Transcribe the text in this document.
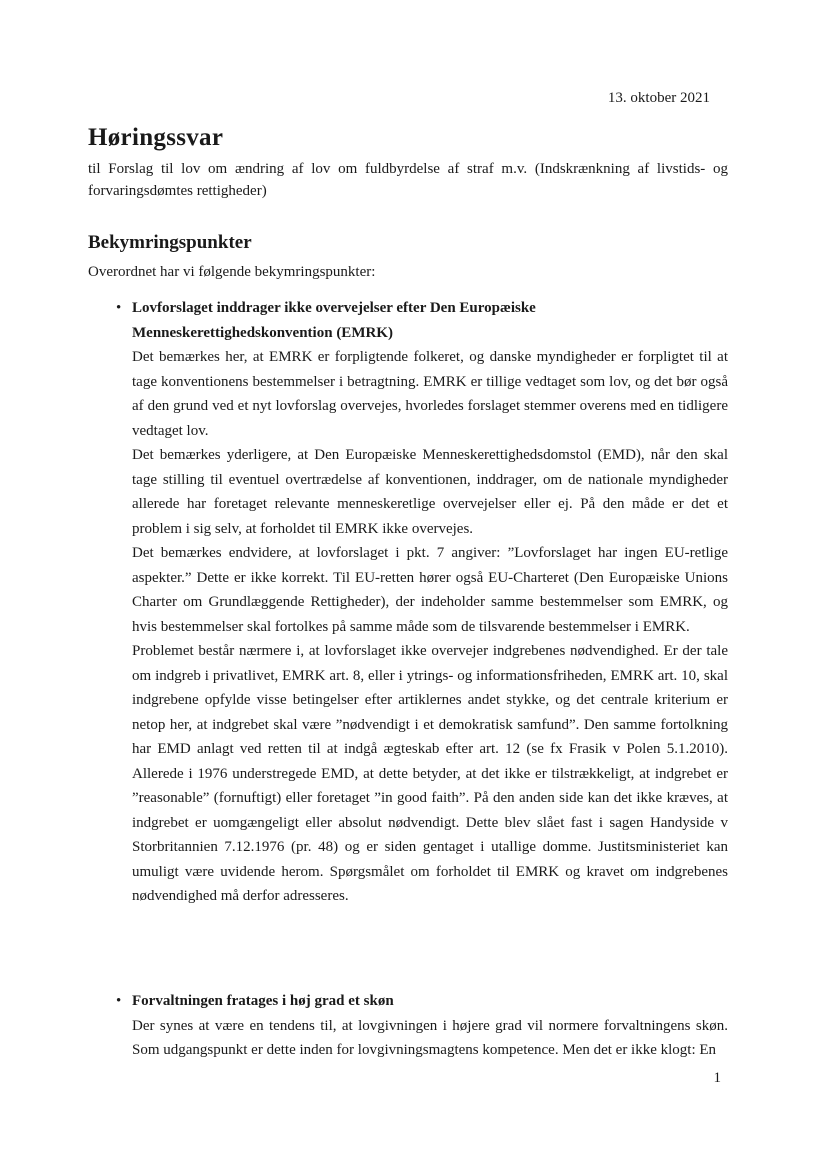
13. oktober 2021
Høringssvar
til Forslag til lov om ændring af lov om fuldbyrdelse af straf m.v. (Indskrænkning af livstids- og forvaringsdømtes rettigheder)
Bekymringspunkter
Overordnet har vi følgende bekymringspunkter:
• Lovforslaget inddrager ikke overvejelser efter Den Europæiske Menneskerettighedskonvention (EMRK)

Det bemærkes her, at EMRK er forpligtende folkeret, og danske myndigheder er forpligtet til at tage konventionens bestemmelser i betragtning. EMRK er tillige vedtaget som lov, og det bør også af den grund ved et nyt lovforslag overvejes, hvorledes forslaget stemmer overens med en tidligere vedtaget lov.

Det bemærkes yderligere, at Den Europæiske Menneskerettighedsdomstol (EMD), når den skal tage stilling til eventuel overtrædelse af konventionen, inddrager, om de nationale myndigheder allerede har foretaget relevante menneskeretlige overvejelser eller ej. På den måde er det et problem i sig selv, at forholdet til EMRK ikke overvejes.

Det bemærkes endvidere, at lovforslaget i pkt. 7 angiver: ”Lovforslaget har ingen EU-retlige aspekter.” Dette er ikke korrekt. Til EU-retten hører også EU-Charteret (Den Europæiske Unions Charter om Grundlæggende Rettigheder), der indeholder samme bestemmelser som EMRK, og hvis bestemmelser skal fortolkes på samme måde som de tilsvarende bestemmelser i EMRK.

Problemet består nærmere i, at lovforslaget ikke overvejer indgrebenes nødvendighed. Er der tale om indgreb i privatlivet, EMRK art. 8, eller i ytrings- og informationsfriheden, EMRK art. 10, skal indgrebene opfylde visse betingelser efter artiklernes andet stykke, og det centrale kriterium er netop her, at indgrebet skal være ”nødvendigt i et demokratisk samfund”. Den samme fortolkning har EMD anlagt ved retten til at indgå ægteskab efter art. 12 (se fx Frasik v Polen 5.1.2010). Allerede i 1976 understregede EMD, at dette betyder, at det ikke er tilstrækkeligt, at indgrebet er ”reasonable” (fornuftigt) eller foretaget ”in good faith”. På den anden side kan det ikke kræves, at indgrebet er uomgængeligt eller absolut nødvendigt. Dette blev slået fast i sagen Handyside v Storbritannien 7.12.1976 (pr. 48) og er siden gentaget i utallige domme. Justitsministeriet kan umuligt være uvidende herom. Spørgsmålet om forholdet til EMRK og kravet om indgrebenes nødvendighed må derfor adresseres.

• Forvaltningen fratages i høj grad et skøn

Der synes at være en tendens til, at lovgivningen i højere grad vil normere forvaltningens skøn. Som udgangspunkt er dette inden for lovgivningsmagtens kompetence. Men det er ikke klogt: En

1
